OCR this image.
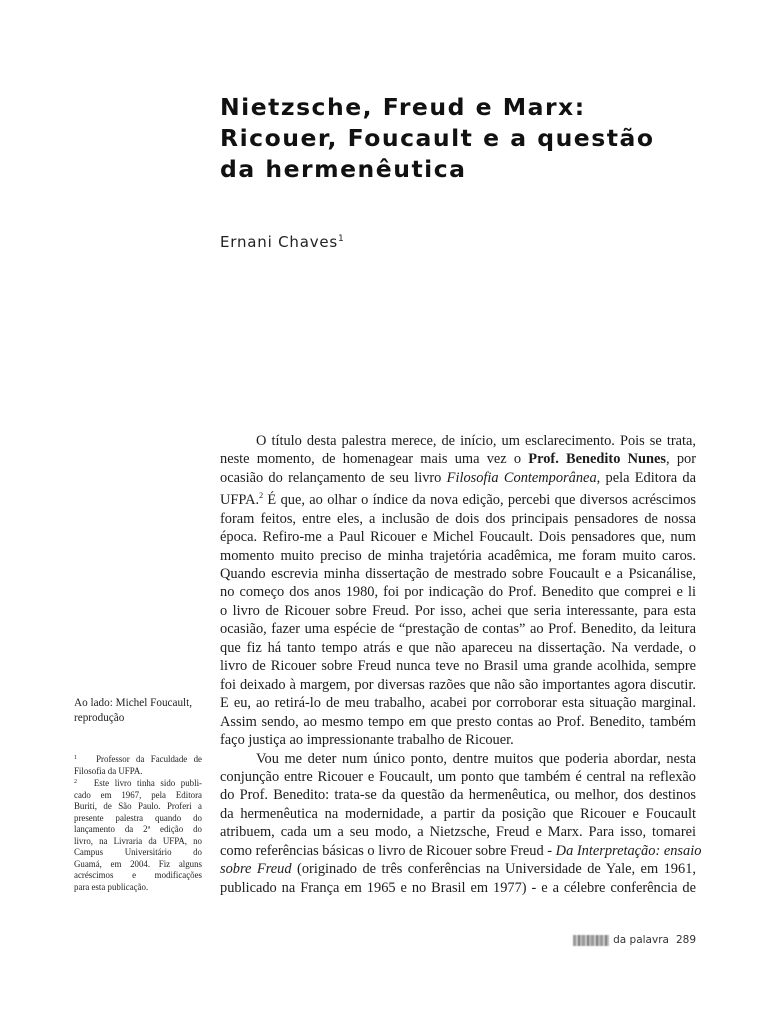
Nietzsche, Freud e Marx:
Ricouer, Foucault e a questão
da hermenêutica
Ernani Chaves$^1$
O título desta palestra merece, de início, um esclarecimento. Pois se trata,
neste momento, de homenagear mais uma vez o Prof. Benedito Nunes, por
ocasião do relançamento de seu livro Filosofia Contemporânea, pela Editora da
UFPA.$^2$ É que, ao olhar o índice da nova edição, percebi que diversos acréscimos
foram feitos, entre eles, a inclusão de dois dos principais pensadores de nossa
época. Refiro-me a Paul Ricouer e Michel Foucault. Dois pensadores que, num
momento muito preciso de minha trajetória acadêmica, me foram muito caros.
Quando escrevia minha dissertação de mestrado sobre Foucault e a Psicanálise,
no começo dos anos 1980, foi por indicação do Prof. Benedito que comprei e li
o livro de Ricouer sobre Freud. Por isso, achei que seria interessante, para esta
ocasião, fazer uma espécie de “prestação de contas” ao Prof. Benedito, da leitura
que fiz há tanto tempo atrás e que não apareceu na dissertação. Na verdade, o
livro de Ricouer sobre Freud nunca teve no Brasil uma grande acolhida, sempre
foi deixado à margem, por diversas razões que não são importantes agora discutir.
E eu, ao retirá-lo de meu trabalho, acabei por corroborar esta situação marginal.
Assim sendo, ao mesmo tempo em que presto contas ao Prof. Benedito, também
faço justiça ao impressionante trabalho de Ricouer.
Vou me deter num único ponto, dentre muitos que poderia abordar, nesta
conjunção entre Ricouer e Foucault, um ponto que também é central na reflexão
do Prof. Benedito: trata-se da questão da hermenêutica, ou melhor, dos destinos
da hermenêutica na modernidade, a partir da posição que Ricouer e Foucault
atribuem, cada um a seu modo, a Nietzsche, Freud e Marx. Para isso, tomarei
como referências básicas o livro de Ricouer sobre Freud - Da Interpretação: ensaio
sobre Freud (originado de três conferências na Universidade de Yale, em 1961,
publicado na França em 1965 e no Brasil em 1977) - e a célebre conferência de
Ao lado: Michel Foucault,
reprodução
$^1$ Professor da Faculdade de
Filosofia da UFPA.
$^2$ Este livro tinha sido publi-
cado em 1967, pela Editora
Buriti, de São Paulo. Proferi a
presente palestra quando do
lançamento da 2ª edição do
livro, na Livraria da UFPA, no
Campus Universitário do
Guamá, em 2004. Fiz alguns
acréscimos e modificações
para esta publicação.
da palavra 289
